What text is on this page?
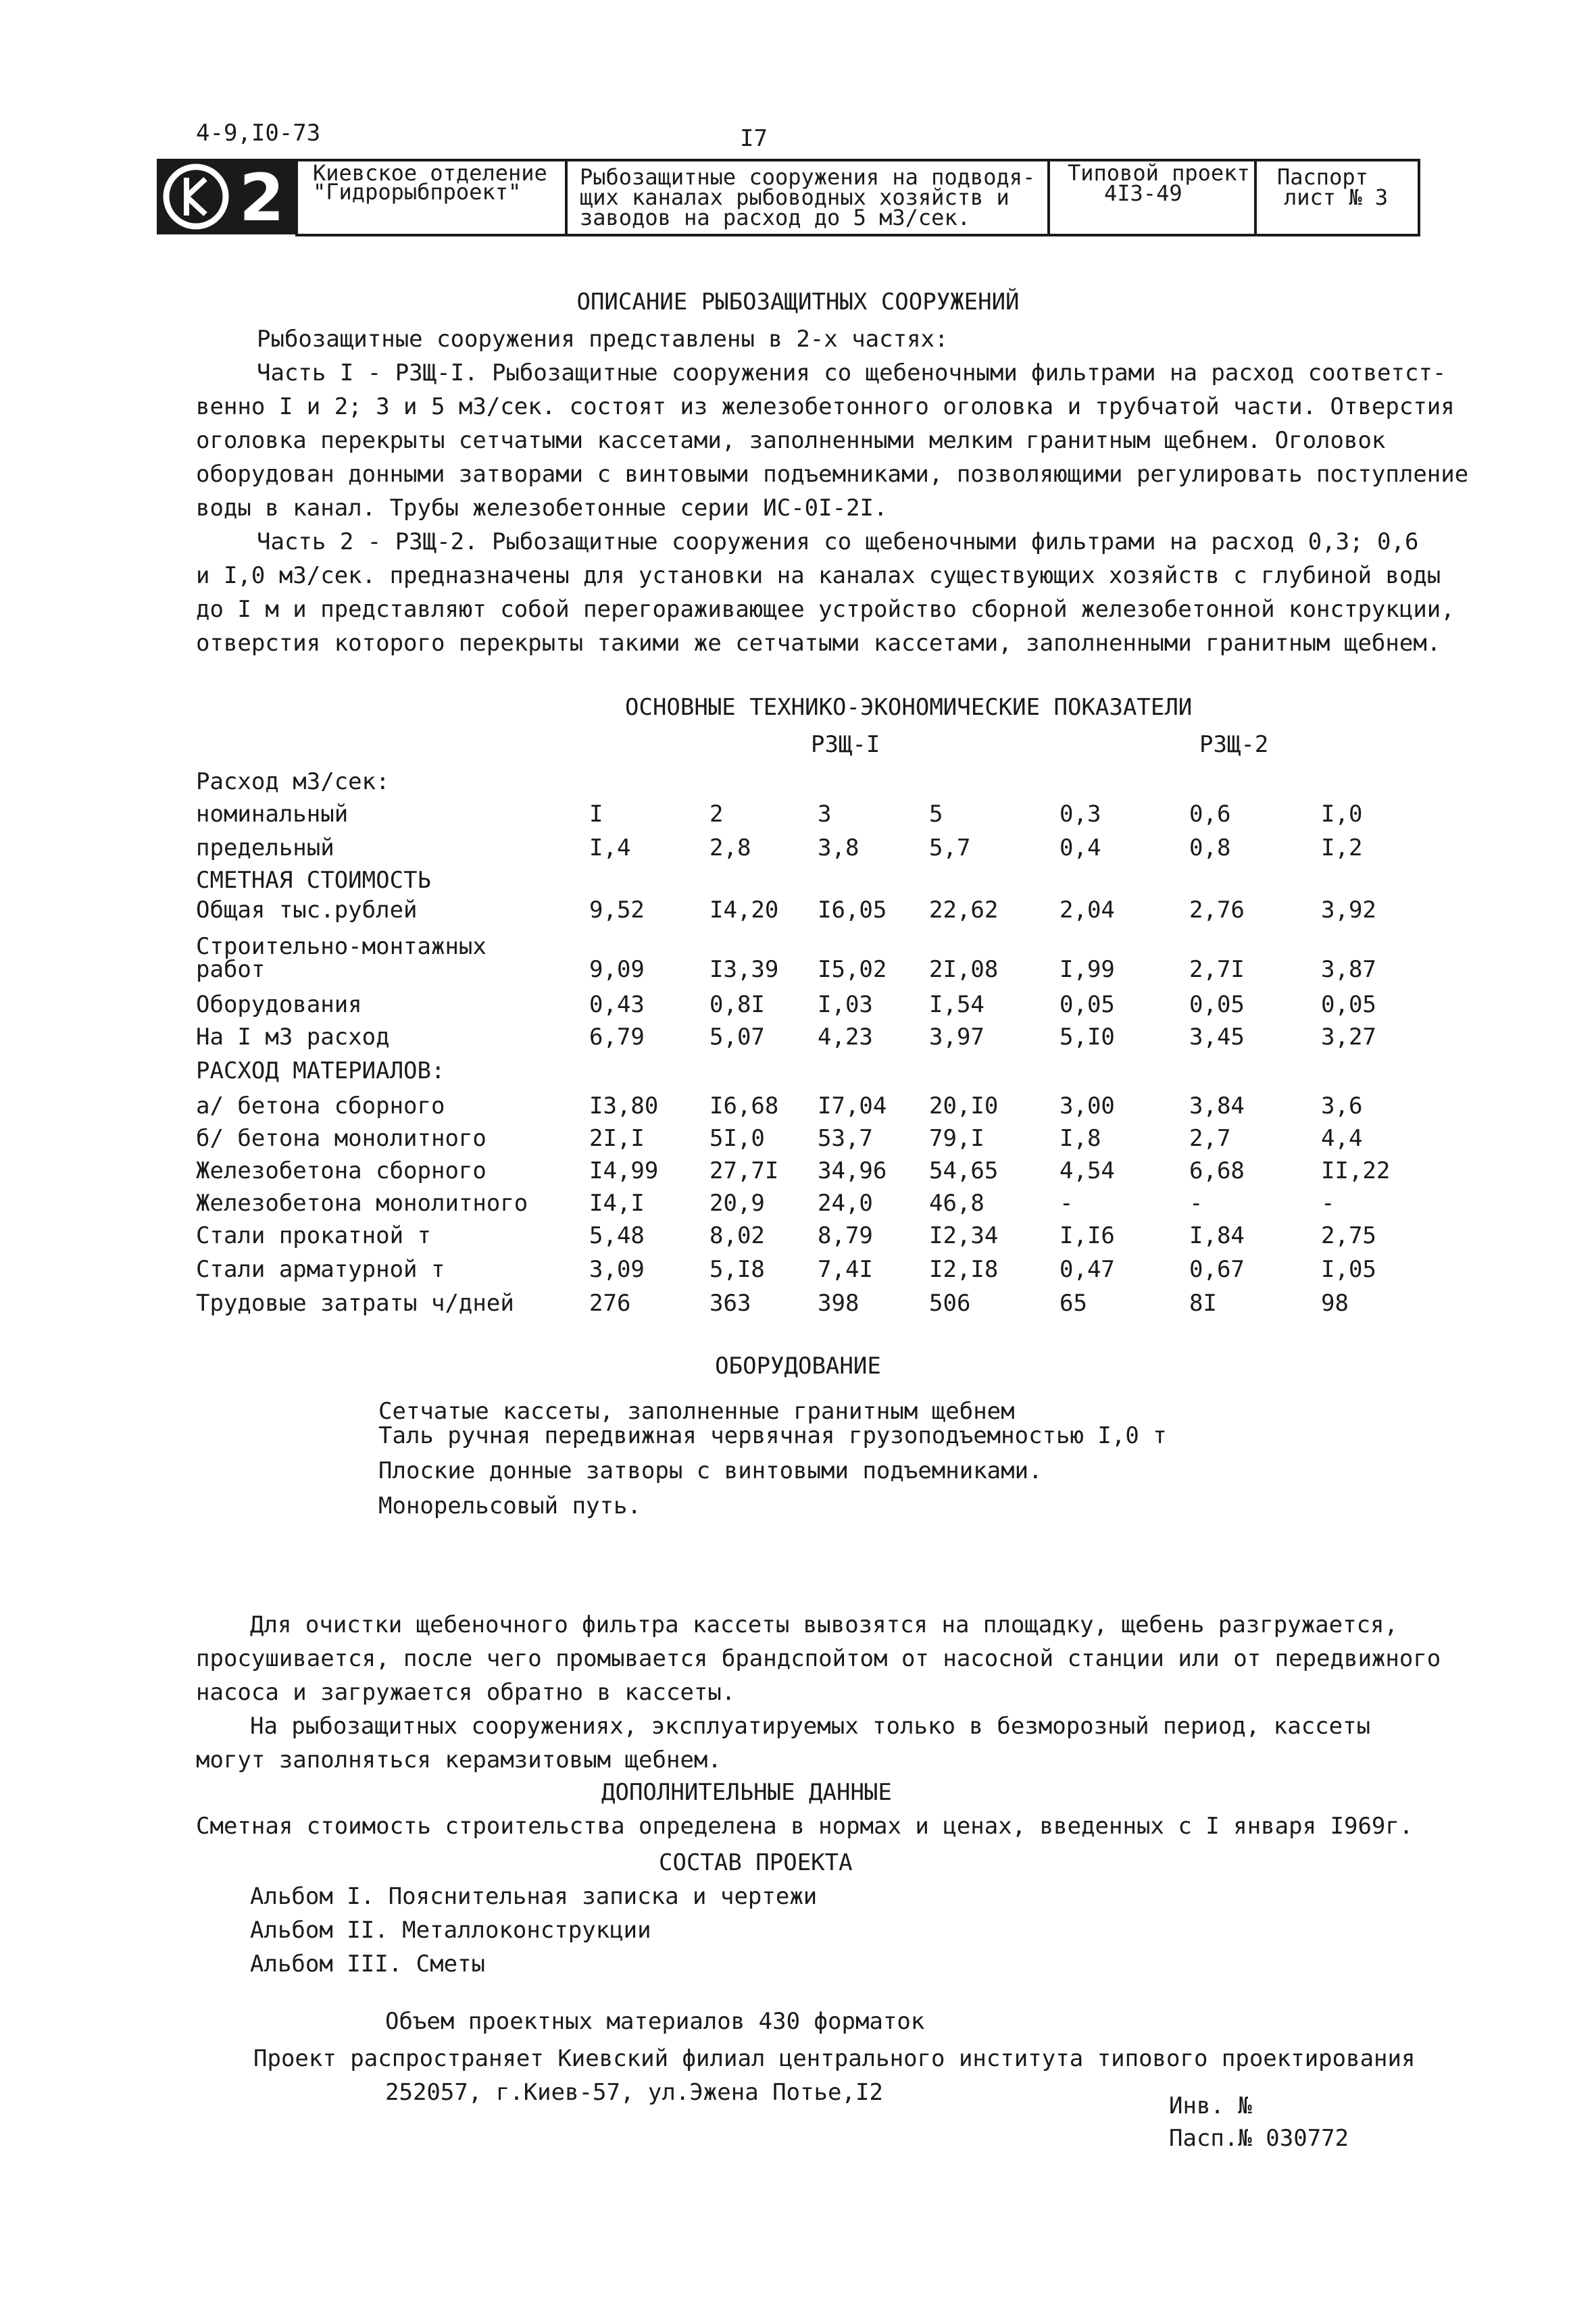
4-9,I0-73	I7
2 Киевское отделение
"Гидрорыбпроект"
Рыбозащитные сооружения на подводя-
щих каналах рыбоводных хозяйств и
заводов на расход до 5 м3/сек.
Типовой проект
4I3-49
Паспорт
лист № 3
ОПИСАНИЕ РЫБОЗАЩИТНЫХ СООРУЖЕНИЙ
Рыбозащитные сооружения представлены в 2-х частях:
Часть I - РЗЩ-I. Рыбозащитные сооружения со щебеночными фильтрами на расход соответст-
венно I и 2; 3 и 5 м3/сек. состоят из железобетонного оголовка и трубчатой части. Отверстия
оголовка перекрыты сетчатыми кассетами, заполненными мелким гранитным щебнем. Оголовок
оборудован донными затворами с винтовыми подъемниками, позволяющими регулировать поступление
воды в канал. Трубы железобетонные серии ИС-0I-2I.
Часть 2 - РЗЩ-2. Рыбозащитные сооружения со щебеночными фильтрами на расход 0,3; 0,6
и I,0 м3/сек. предназначены для установки на каналах существующих хозяйств с глубиной воды
до I м и представляют собой перегораживающее устройство сборной железобетонной конструкции,
отверстия которого перекрыты такими же сетчатыми кассетами, заполненными гранитным щебнем.
ОСНОВНЫЕ ТЕХНИКО-ЭКОНОМИЧЕСКИЕ ПОКАЗАТЕЛИ
РЗЩ-I	РЗЩ-2
Расход м3/сек:
номинальный	I	2	3	5	0,3	0,6	I,0
предельный	I,4	2,8	3,8	5,7	0,4	0,8	I,2
СМЕТНАЯ СТОИМОСТЬ
Общая тыс.рублей	9,52	I4,20 I6,05 22,62	2,04	2,76	3,92
Строительно-монтажных
работ	9,09	I3,39 I5,02 2I,08	I,99	2,7I	3,87
Оборудования	0,43	0,8I I,03 I,54	0,05	0,05	0,05
На I м3 расход	6,79	5,07 4,23 3,97	5,I0	3,45	3,27
РАСХОД МАТЕРИАЛОВ:
а/ бетона сборного	I3,80 I6,68 I7,04 20,I0	3,00	3,84	3,6
б/ бетона монолитного	2I,I	5I,0 53,7 79,I	I,8	2,7	4,4
Железобетона сборного	I4,99 27,7I 34,96 54,65	4,54	6,68	II,22
Железобетона монолитного	I4,I	20,9 24,0 46,8	-	-	-
Стали прокатной т	5,48	8,02 8,79 I2,34	I,I6	I,84	2,75
Стали арматурной т	3,09	5,I8 7,4I I2,I8	0,47	0,67	I,05
Трудовые затраты ч/дней	276	363	398	506	65	8I	98
ОБОРУДОВАНИЕ
Сетчатые кассеты, заполненные гранитным щебнем
Таль ручная передвижная червячная грузоподъемностью I,0 т
Плоские донные затворы с винтовыми подъемниками.
Монорельсовый путь.
Для очистки щебеночного фильтра кассеты вывозятся на площадку, щебень разгружается,
просушивается, после чего промывается брандспойтом от насосной станции или от передвижного
насоса и загружается обратно в кассеты.
На рыбозащитных сооружениях, эксплуатируемых только в безморозный период, кассеты
могут заполняться керамзитовым щебнем.
ДОПОЛНИТЕЛЬНЫЕ ДАННЫЕ
Сметная стоимость строительства определена в нормах и ценах, введенных с I января I969г.
СОСТАВ ПРОЕКТА
Альбом I. Пояснительная записка и чертежи
Альбом II. Металлоконструкции
Альбом III. Сметы
Объем проектных материалов 430 форматок
Проект распространяет Киевский филиал центрального института типового проектирования
252057, г.Киев-57, ул.Эжена Потье,I2	Инв. №
Пасп.№ 030772
